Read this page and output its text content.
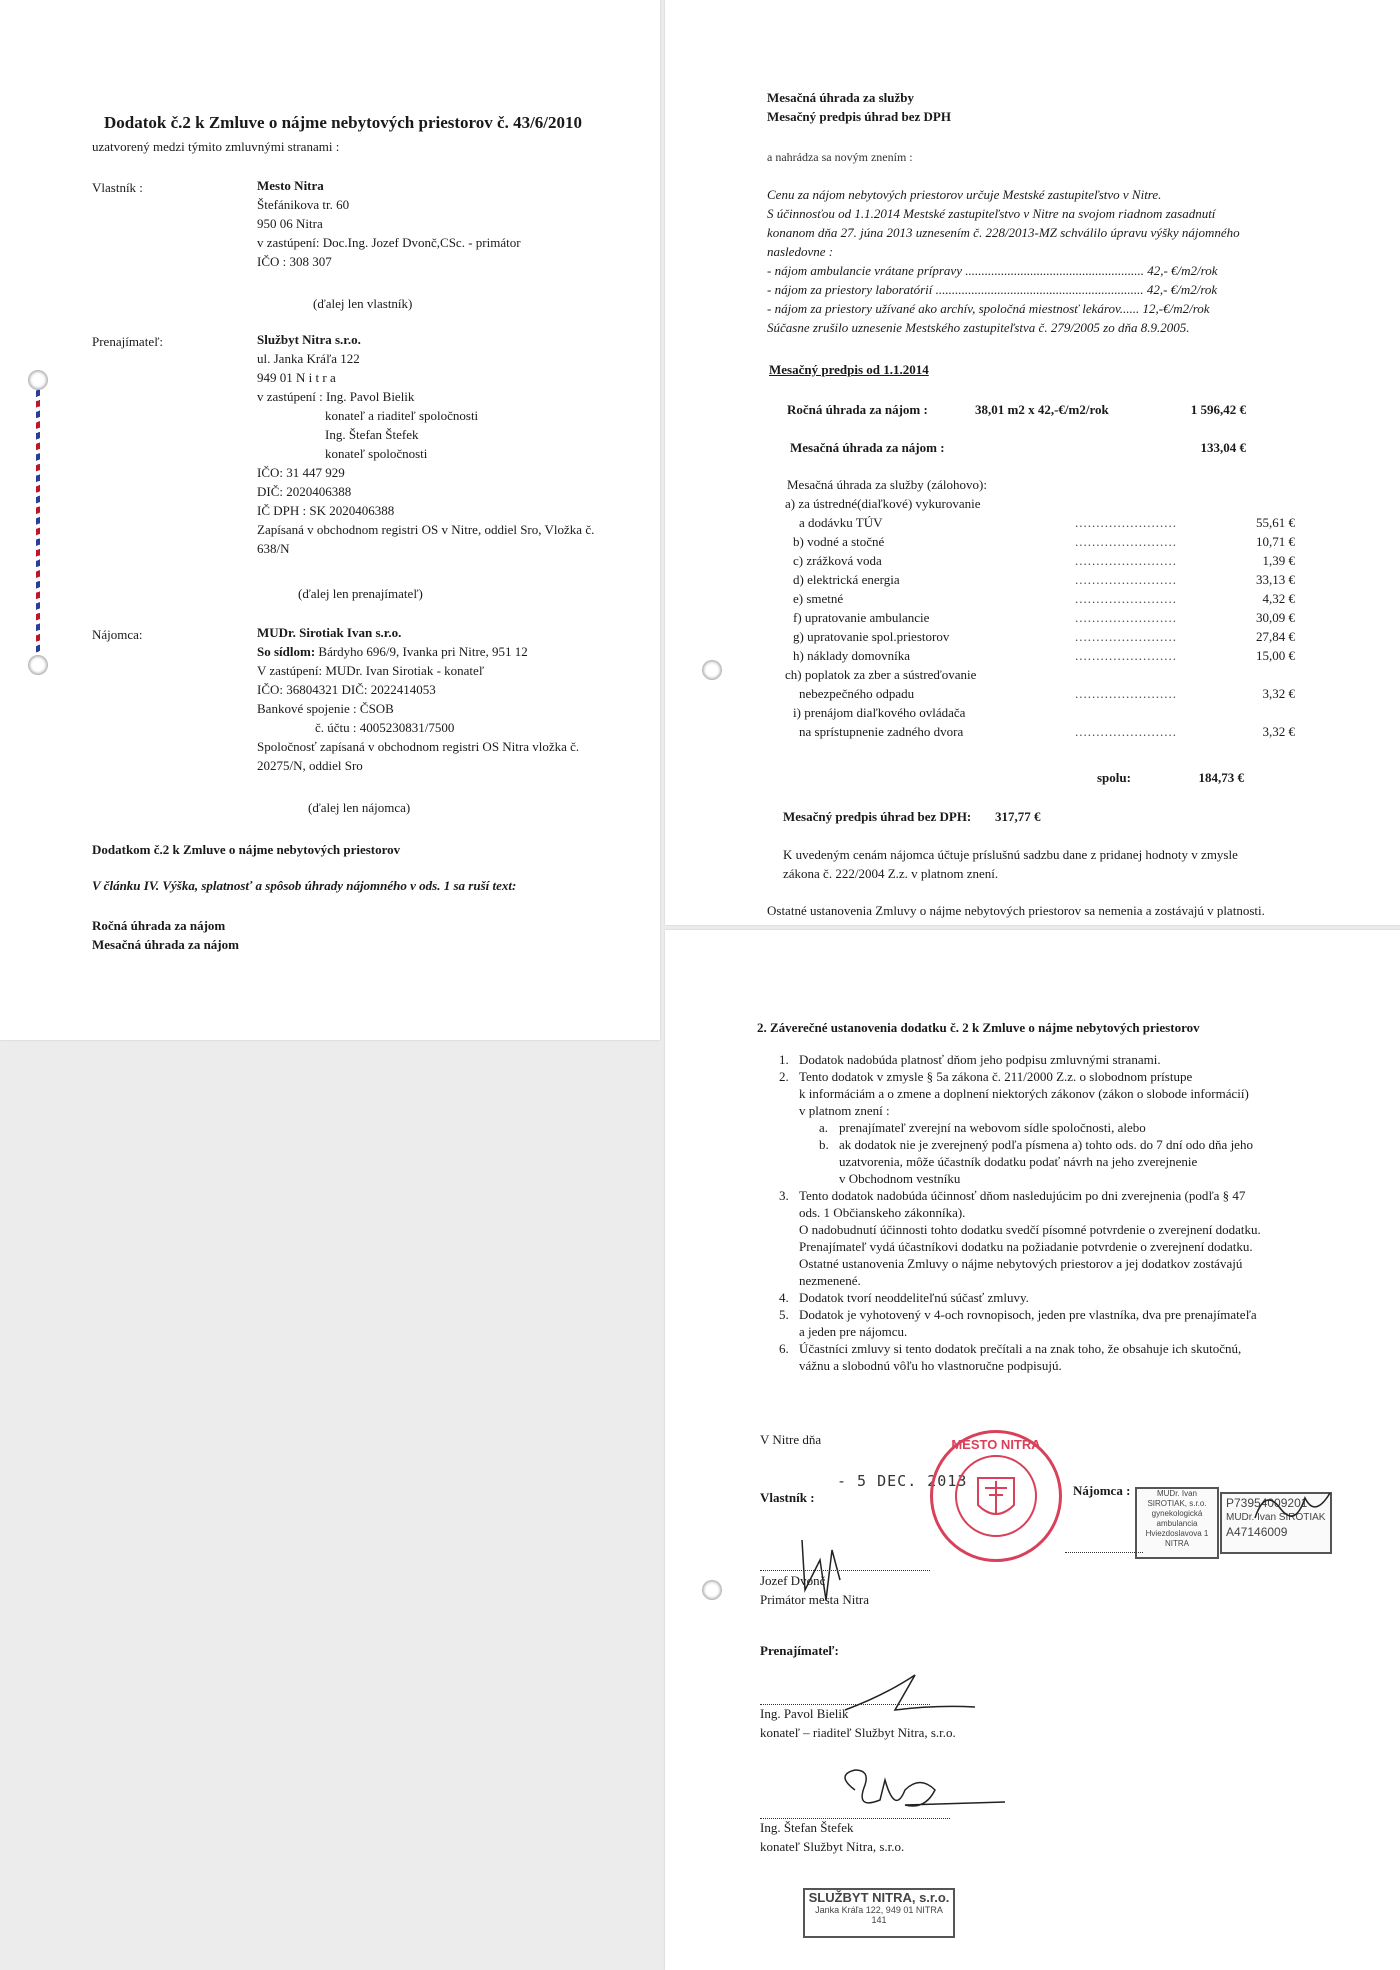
Dodatok č.2 k Zmluve o nájme nebytových priestorov č. 43/6/2010
uzatvorený medzi týmito zmluvnými stranami :
Vlastník :	Mesto Nitra
Štefánikova tr. 60
950 06 Nitra
v zastúpení: Doc.Ing. Jozef Dvonč,CSc. - primátor
IČO : 308 307
(ďalej len vlastník)
Prenajímateľ:	Službyt Nitra s.r.o.
ul. Janka Kráľa 122
949 01 N i t r a
v zastúpení : Ing. Pavol Bielik
konateľ a riaditeľ spoločnosti
Ing. Štefan Štefek
konateľ spoločnosti
IČO: 31 447 929
DIČ: 2020406388
IČ DPH : SK 2020406388
Zapísaná v obchodnom registri OS v Nitre, oddiel Sro, Vložka č.
638/N
(ďalej len prenajímateľ)
Nájomca:	MUDr. Sirotiak Ivan s.r.o.
So sídlom: Bárdyho 696/9, Ivanka pri Nitre, 951 12
V zastúpení: MUDr. Ivan Sirotiak - konateľ
IČO: 36804321 DIČ: 2022414053
Bankové spojenie : ČSOB
č. účtu : 4005230831/7500
Spoločnosť zapísaná v obchodnom registri OS Nitra vložka č.
20275/N, oddiel Sro
(ďalej len nájomca)
Dodatkom č.2 k Zmluve o nájme nebytových priestorov
V článku IV. Výška, splatnosť a spôsob úhrady nájomného v ods. 1 sa ruší text:
Ročná úhrada za nájom
Mesačná úhrada za nájom
Mesačná úhrada za služby
Mesačný predpis úhrad bez DPH
a nahrádza sa novým znením :
Cenu za nájom nebytových priestorov určuje Mestské zastupiteľstvo v Nitre.
S účinnosťou od 1.1.2014 Mestské zastupiteľstvo v Nitre na svojom riadnom zasadnutí
konanom dňa 27. júna 2013 uznesením č. 228/2013-MZ schválilo úpravu výšky nájomného
nasledovne :
- nájom ambulancie vrátane prípravy ....................................................... 42,- €/m2/rok
- nájom za priestory laboratórií ................................................................ 42,- €/m2/rok
- nájom za priestory užívané ako archív, spoločná miestnosť lekárov...... 12,-€/m2/rok
Súčasne zrušilo uznesenie Mestského zastupiteľstva č. 279/2005 zo dňa 8.9.2005.
Mesačný predpis od 1.1.2014
Ročná úhrada za nájom :	38,01 m2 x 42,-€/m2/rok	1 596,42 €
Mesačná úhrada za nájom :	133,04 €
Mesačná úhrada za služby (zálohovo):
a) za ústredné(diaľkové) vykurovanie
a dodávku TÚV	........................	55,61 €
b) vodné a stočné	........................	10,71 €
c) zrážková voda	........................	1,39 €
d) elektrická energia	........................	33,13 €
e) smetné	........................	4,32 €
f) upratovanie ambulancie	........................	30,09 €
g) upratovanie spol.priestorov	........................	27,84 €
h) náklady domovníka	........................	15,00 €
ch) poplatok za zber a sústreďovanie
nebezpečného odpadu	........................	3,32 €
i) prenájom diaľkového ovládača
na sprístupnenie zadného dvora	........................	3,32 €
spolu:	184,73 €
Mesačný predpis úhrad bez DPH: 317,77 €
K uvedeným cenám nájomca účtuje príslušnú sadzbu dane z pridanej hodnoty v zmysle
zákona č. 222/2004 Z.z. v platnom znení.
Ostatné ustanovenia Zmluvy o nájme nebytových priestorov sa nemenia a zostávajú v platnosti.
2. Záverečné ustanovenia dodatku č. 2 k Zmluve o nájme nebytových priestorov
1. Dodatok nadobúda platnosť dňom jeho podpisu zmluvnými stranami.
2. Tento dodatok v zmysle § 5a zákona č. 211/2000 Z.z. o slobodnom prístupe
k informáciám a o zmene a doplnení niektorých zákonov (zákon o slobode informácií)
v platnom znení :
a. prenajímateľ zverejní na webovom sídle spoločnosti, alebo
b. ak dodatok nie je zverejnený podľa písmena a) tohto ods. do 7 dní odo dňa jeho
uzatvorenia, môže účastník dodatku podať návrh na jeho zverejnenie
v Obchodnom vestníku
3. Tento dodatok nadobúda účinnosť dňom nasledujúcim po dni zverejnenia (podľa § 47
ods. 1 Občianskeho zákonníka).
O nadobudnutí účinnosti tohto dodatku svedčí písomné potvrdenie o zverejnení dodatku.
Prenajímateľ vydá účastníkovi dodatku na požiadanie potvrdenie o zverejnení dodatku.
Ostatné ustanovenia Zmluvy o nájme nebytových priestorov a jej dodatkov zostávajú
nezmenené.
4. Dodatok tvorí neoddeliteľnú súčasť zmluvy.
5. Dodatok je vyhotovený v 4-och rovnopisoch, jeden pre vlastníka, dva pre prenajímateľa
a jeden pre nájomcu.
6. Účastníci zmluvy si tento dodatok prečítali a na znak toho, že obsahuje ich skutočnú,
vážnu a slobodnú vôľu ho vlastnoručne podpisujú.
V Nitre dňa
Vlastník :
- 5 DEC. 2013
MESTO NITRA
Nájomca :	MUDr. Ivan
SIROTIAK, s.r.o.
gynekologická
ambulancia
Hviezdoslavova 1
NITRA
P73954009201
MUDr. Ivan SIROTIAK
A47146009
Jozef Dvonč
Primátor mesta Nitra
Prenajímateľ:
Ing. Pavol Bielik
konateľ – riaditeľ Službyt Nitra, s.r.o.
Ing. Štefan Štefek
konateľ Službyt Nitra, s.r.o.
SLUŽBYT NITRA, s.r.o.
Janka Kráľa 122, 949 01 NITRA
141
